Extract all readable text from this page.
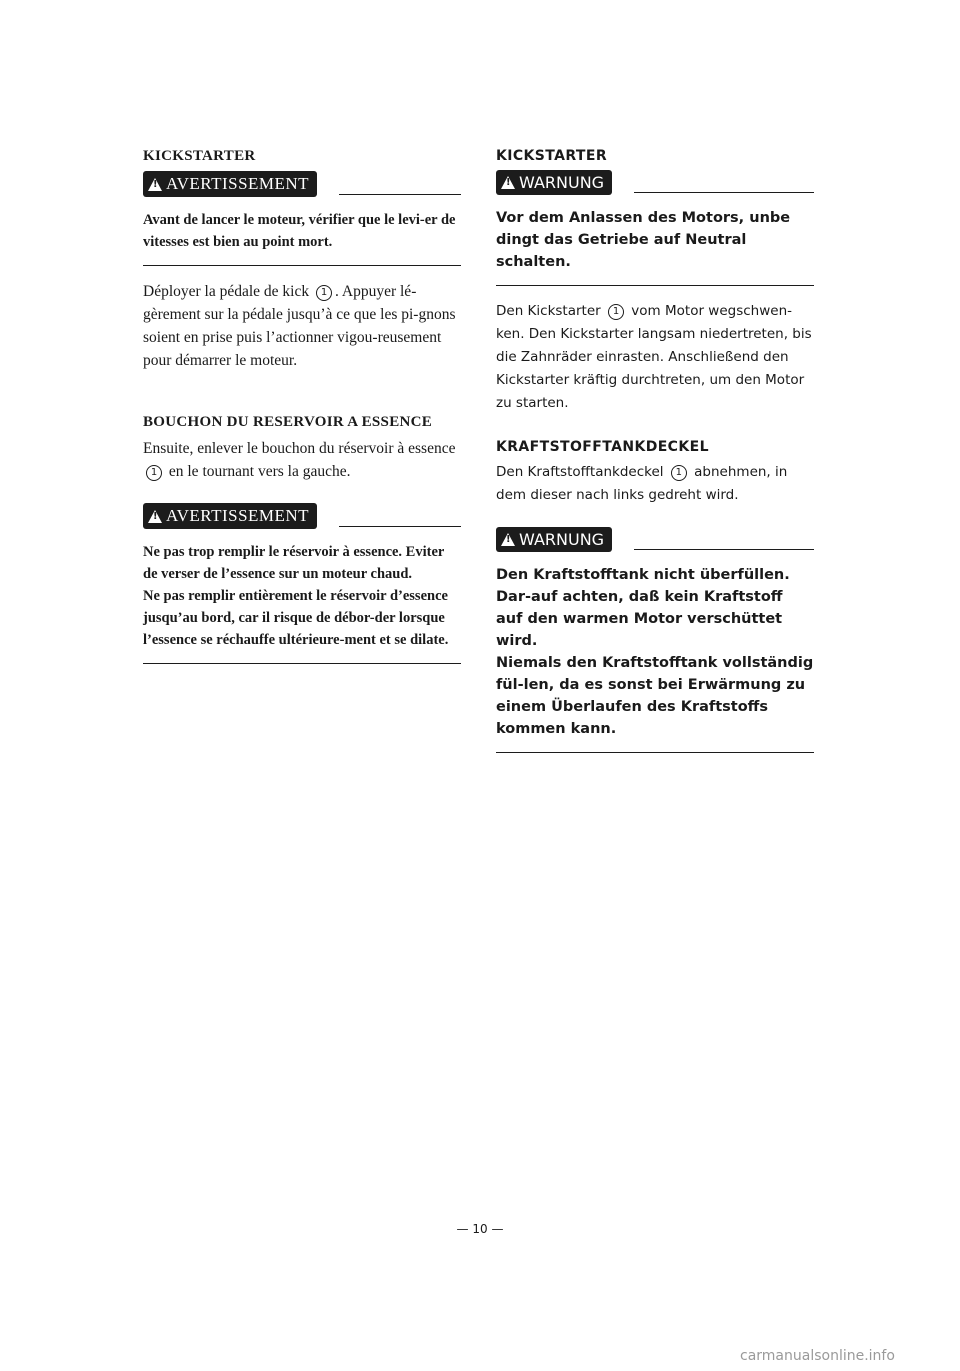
KICKSTARTER
!
AVERTISSEMENT

Avant de lancer le moteur, vérifier que le levi-er de vitesses est bien au point mort.

Déployer la pédale de kick 1 . Appuyer lé-gèrement sur la pédale jusqu’à ce que les pi-gnons soient en prise puis l’actionner vigou-reusement pour démarrer le moteur.

BOUCHON DU RESERVOIR A ESSENCE

Ensuite, enlever le bouchon du réservoir à essence 1 en le tournant vers la gauche.

!
AVERTISSEMENT

Ne pas trop remplir le réservoir à essence. Eviter de verser de l’essence sur un moteur chaud.

Ne pas remplir entièrement le réservoir d’essence jusqu’au bord, car il risque de débor-der lorsque l’essence se réchauffe ultérieure-ment et se dilate.

KICKSTARTER
!
WARNUNG

Vor dem Anlassen des Motors, unbe dingt das Getriebe auf Neutral schalten.

Den Kickstarter 1 vom Motor wegschwen-ken. Den Kickstarter langsam niedertreten, bis die Zahnräder einrasten. Anschließend den Kickstarter kräftig durchtreten, um den Motor zu starten.

KRAFTSTOFFTANKDECKEL

Den Kraftstofftankdeckel 1 abnehmen, in dem dieser nach links gedreht wird.

!
WARNUNG

Den Kraftstofftank nicht überfüllen. Dar-auf achten, daß kein Kraftstoff auf den warmen Motor verschüttet wird.

Niemals den Kraftstofftank vollständig fül-len, da es sonst bei Erwärmung zu einem Überlaufen des Kraftstoffs kommen kann.

— 10 —
carmanualsonline.info
